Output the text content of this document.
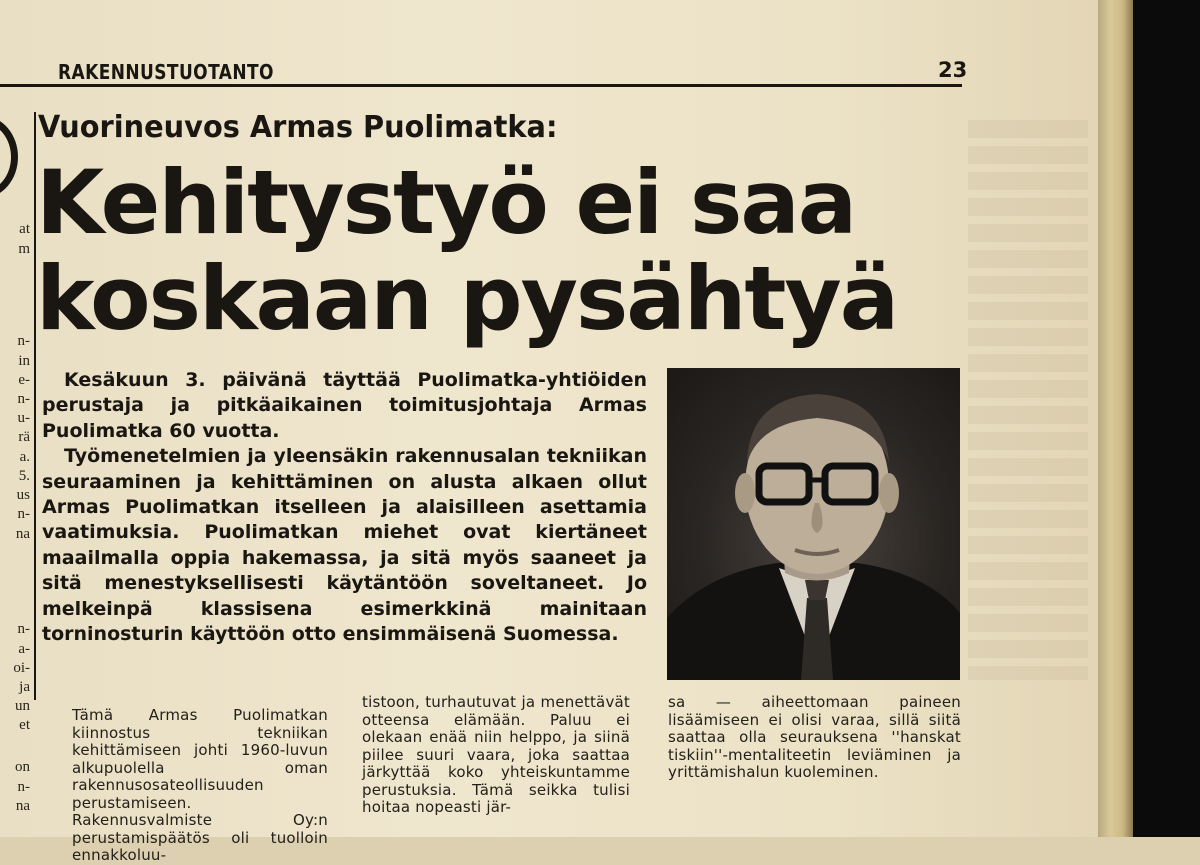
RAKENNUSTUOTANTO	23
at
m
n-
in
e-
n-
u-
rä
a.
5.
us
n-
na
n-
a-
oi-
ja
un
et
on
n-
na
Vuorineuvos Armas Puolimatka:
Kehitystyö ei saa
koskaan pysähtyä

Kesäkuun 3. päivänä täyttää Puolimatka-yhtiöiden perustaja ja pitkäaikainen toimitusjohtaja Armas Puolimatka 60 vuotta.

Työmenetelmien ja yleensäkin rakennusalan tekniikan seuraaminen ja kehittäminen on alusta alkaen ollut Armas Puolimatkan itselleen ja alaisilleen asettamia vaatimuksia. Puolimatkan miehet ovat kiertäneet maailmalla oppia hakemassa, ja sitä myös saaneet ja sitä menestyksellisesti käytäntöön soveltaneet. Jo melkeinpä klassisena esimerkkinä mainitaan torninosturin käyttöön otto ensimmäisenä Suomessa.

Tämä Armas Puolimatkan kiinnostus tekniikan kehittämiseen johti 1960-luvun alkupuolella oman rakennusosateollisuuden perustamiseen. Rakennusvalmiste Oy:n perustamispäätös oli tuolloin ennakkoluu-

tistoon, turhautuvat ja menettävät otteensa elämään. Paluu ei olekaan enää niin helppo, ja siinä piilee suuri vaara, joka saattaa järkyttää koko yhteiskuntamme perustuksia. Tämä seikka tulisi hoitaa nopeasti jär-

sa — aiheettomaan paineen lisäämiseen ei olisi varaa, sillä siitä saattaa olla seurauksena ''hanskat tiskiin''-mentaliteetin leviäminen ja yrittämishalun kuoleminen.
